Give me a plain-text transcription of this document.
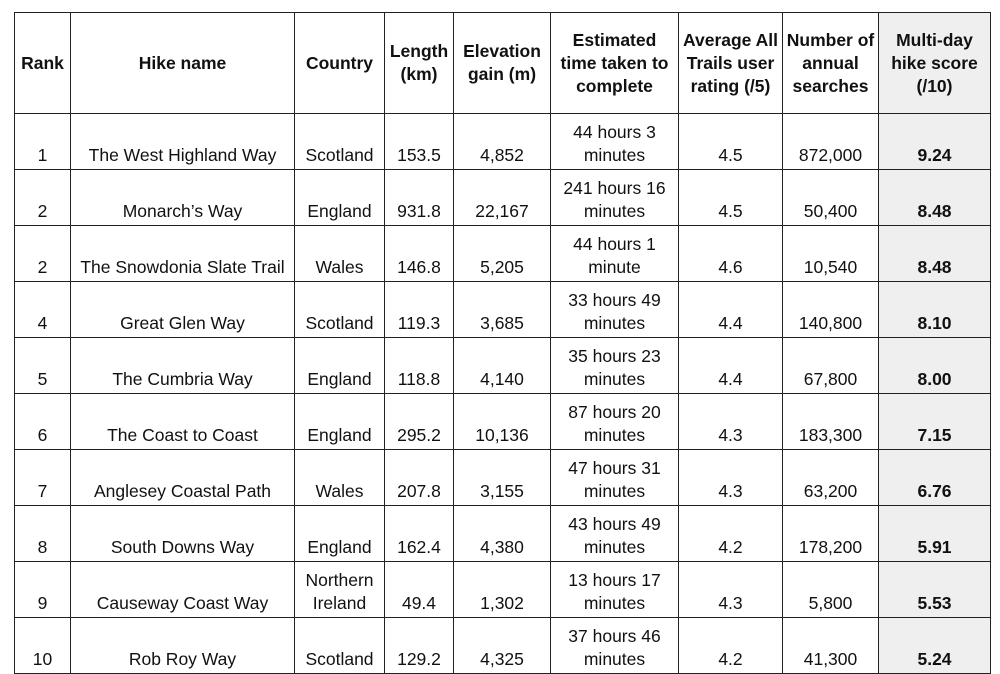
Rank	Hike name	Country	Length (km)	Elevation gain (m)	Estimated time taken to complete	Average All Trails user rating (/5)	Number of annual searches	Multi-day hike score (/10)
1	The West Highland Way	Scotland	153.5	4,852	44 hours 3 minutes	4.5	872,000	9.24
2	Monarch’s Way	England	931.8	22,167	241 hours 16 minutes	4.5	50,400	8.48
2	The Snowdonia Slate Trail	Wales	146.8	5,205	44 hours 1 minute	4.6	10,540	8.48
4	Great Glen Way	Scotland	119.3	3,685	33 hours 49 minutes	4.4	140,800	8.10
5	The Cumbria Way	England	118.8	4,140	35 hours 23 minutes	4.4	67,800	8.00
6	The Coast to Coast	England	295.2	10,136	87 hours 20 minutes	4.3	183,300	7.15
7	Anglesey Coastal Path	Wales	207.8	3,155	47 hours 31 minutes	4.3	63,200	6.76
8	South Downs Way	England	162.4	4,380	43 hours 49 minutes	4.2	178,200	5.91
9	Causeway Coast Way	Northern Ireland	49.4	1,302	13 hours 17 minutes	4.3	5,800	5.53
10	Rob Roy Way	Scotland	129.2	4,325	37 hours 46 minutes	4.2	41,300	5.24
